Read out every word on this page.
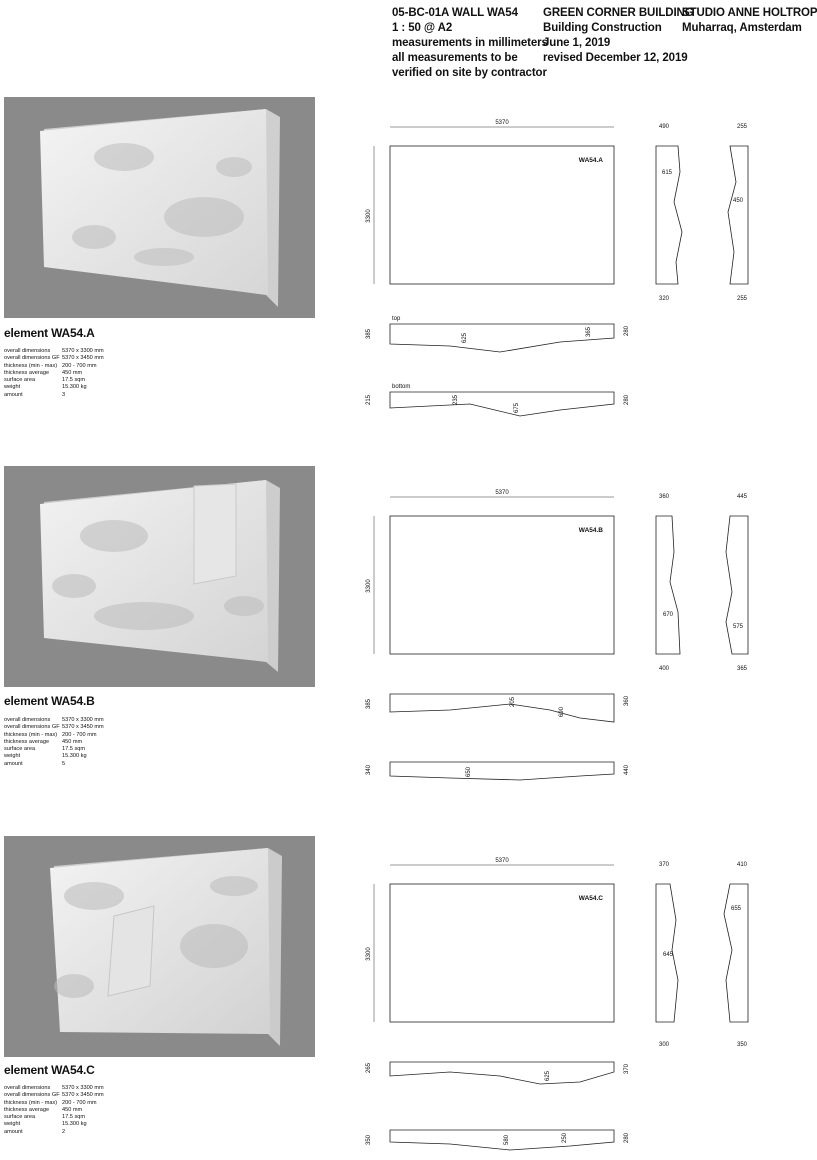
05-BC-01A WALL WA54
1 : 50 @ A2
measurements in millimeters
all measurements to be
verified on site by contractor
GREEN CORNER BUILDING
Building Construction
June 1, 2019
revised December 12, 2019
STUDIO ANNE HOLTROP
Muharraq, Amsterdam
element WA54.A
overall dimensions	5370 x 3300 mm
overall dimensions GF 5370 x 3450 mm
thickness (min - max) 200 - 700 mm
thickness average	450 mm
surface area	17.5 sqm
weight	15.300 kg
amount	3
5370
3300
WA54.A
490
615
320
255
450
255
top
385	625
365	280
bottom
215	235
675
280
element WA54.B
overall dimensions	5370 x 3300 mm
overall dimensions GF 5370 x 3450 mm
thickness (min - max) 200 - 700 mm
thickness average	450 mm
surface area	17.5 sqm
weight	15.300 kg
amount	5
5370
3300
WA54.B
360
670
400
445
575
365
385	205
690
360
340	650	440
element WA54.C
overall dimensions	5370 x 3300 mm
overall dimensions GF 5370 x 3450 mm
thickness (min - max) 200 - 700 mm
thickness average	450 mm
surface area	17.5 sqm
weight	15.300 kg
amount	2
5370
3300
WA54.C
370
645
300
410
655
350
265
625
370
350	580	250	280
